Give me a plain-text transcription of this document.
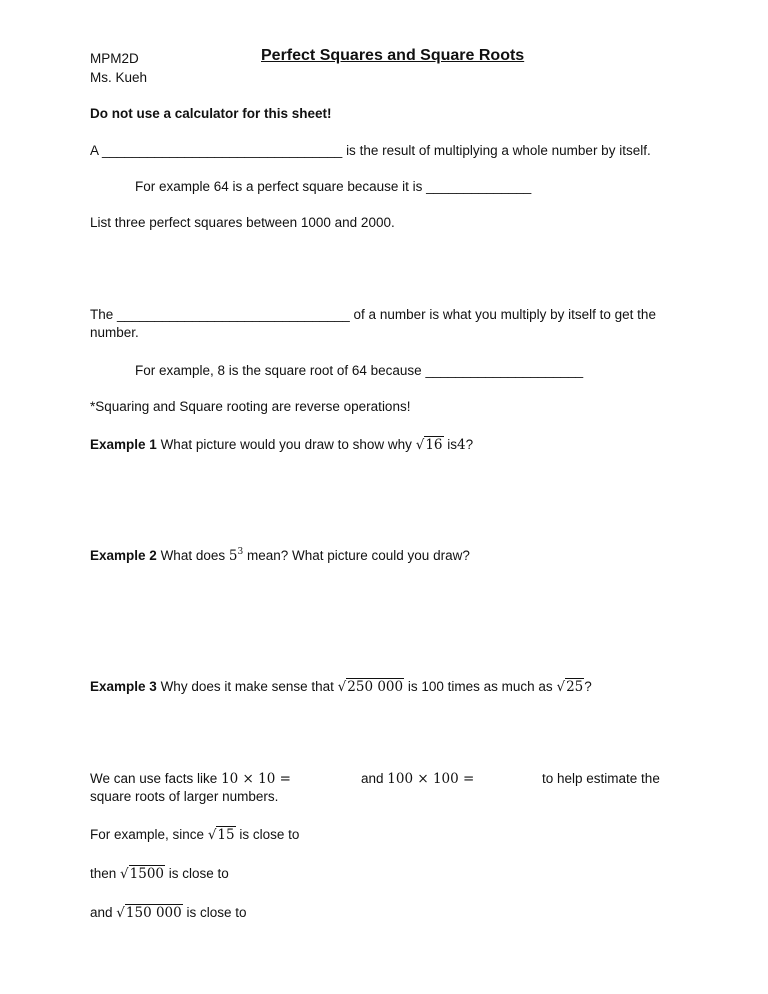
MPM2D
Ms. Kueh
Perfect Squares and Square Roots
Do not use a calculator for this sheet!
A ________________________________ is the result of multiplying a whole number by itself.
For example 64 is a perfect square because it is ______________
List three perfect squares between 1000 and 2000.
The _______________________________ of a number is what you multiply by itself to get the
number.
For example, 8 is the square root of 64 because _____________________
*Squaring and Square rooting are reverse operations!
Example 1 What picture would you draw to show why √16 is4?
Example 2 What does $5^3$ mean? What picture could you draw?
Example 3 Why does it make sense that √250 000 is 100 times as much as √25?
We can use facts like 10 × 10 =	and 100 × 100 =	to help estimate the
square roots of larger numbers.
For example, since √15 is close to
then √1500 is close to
and √150 000 is close to
